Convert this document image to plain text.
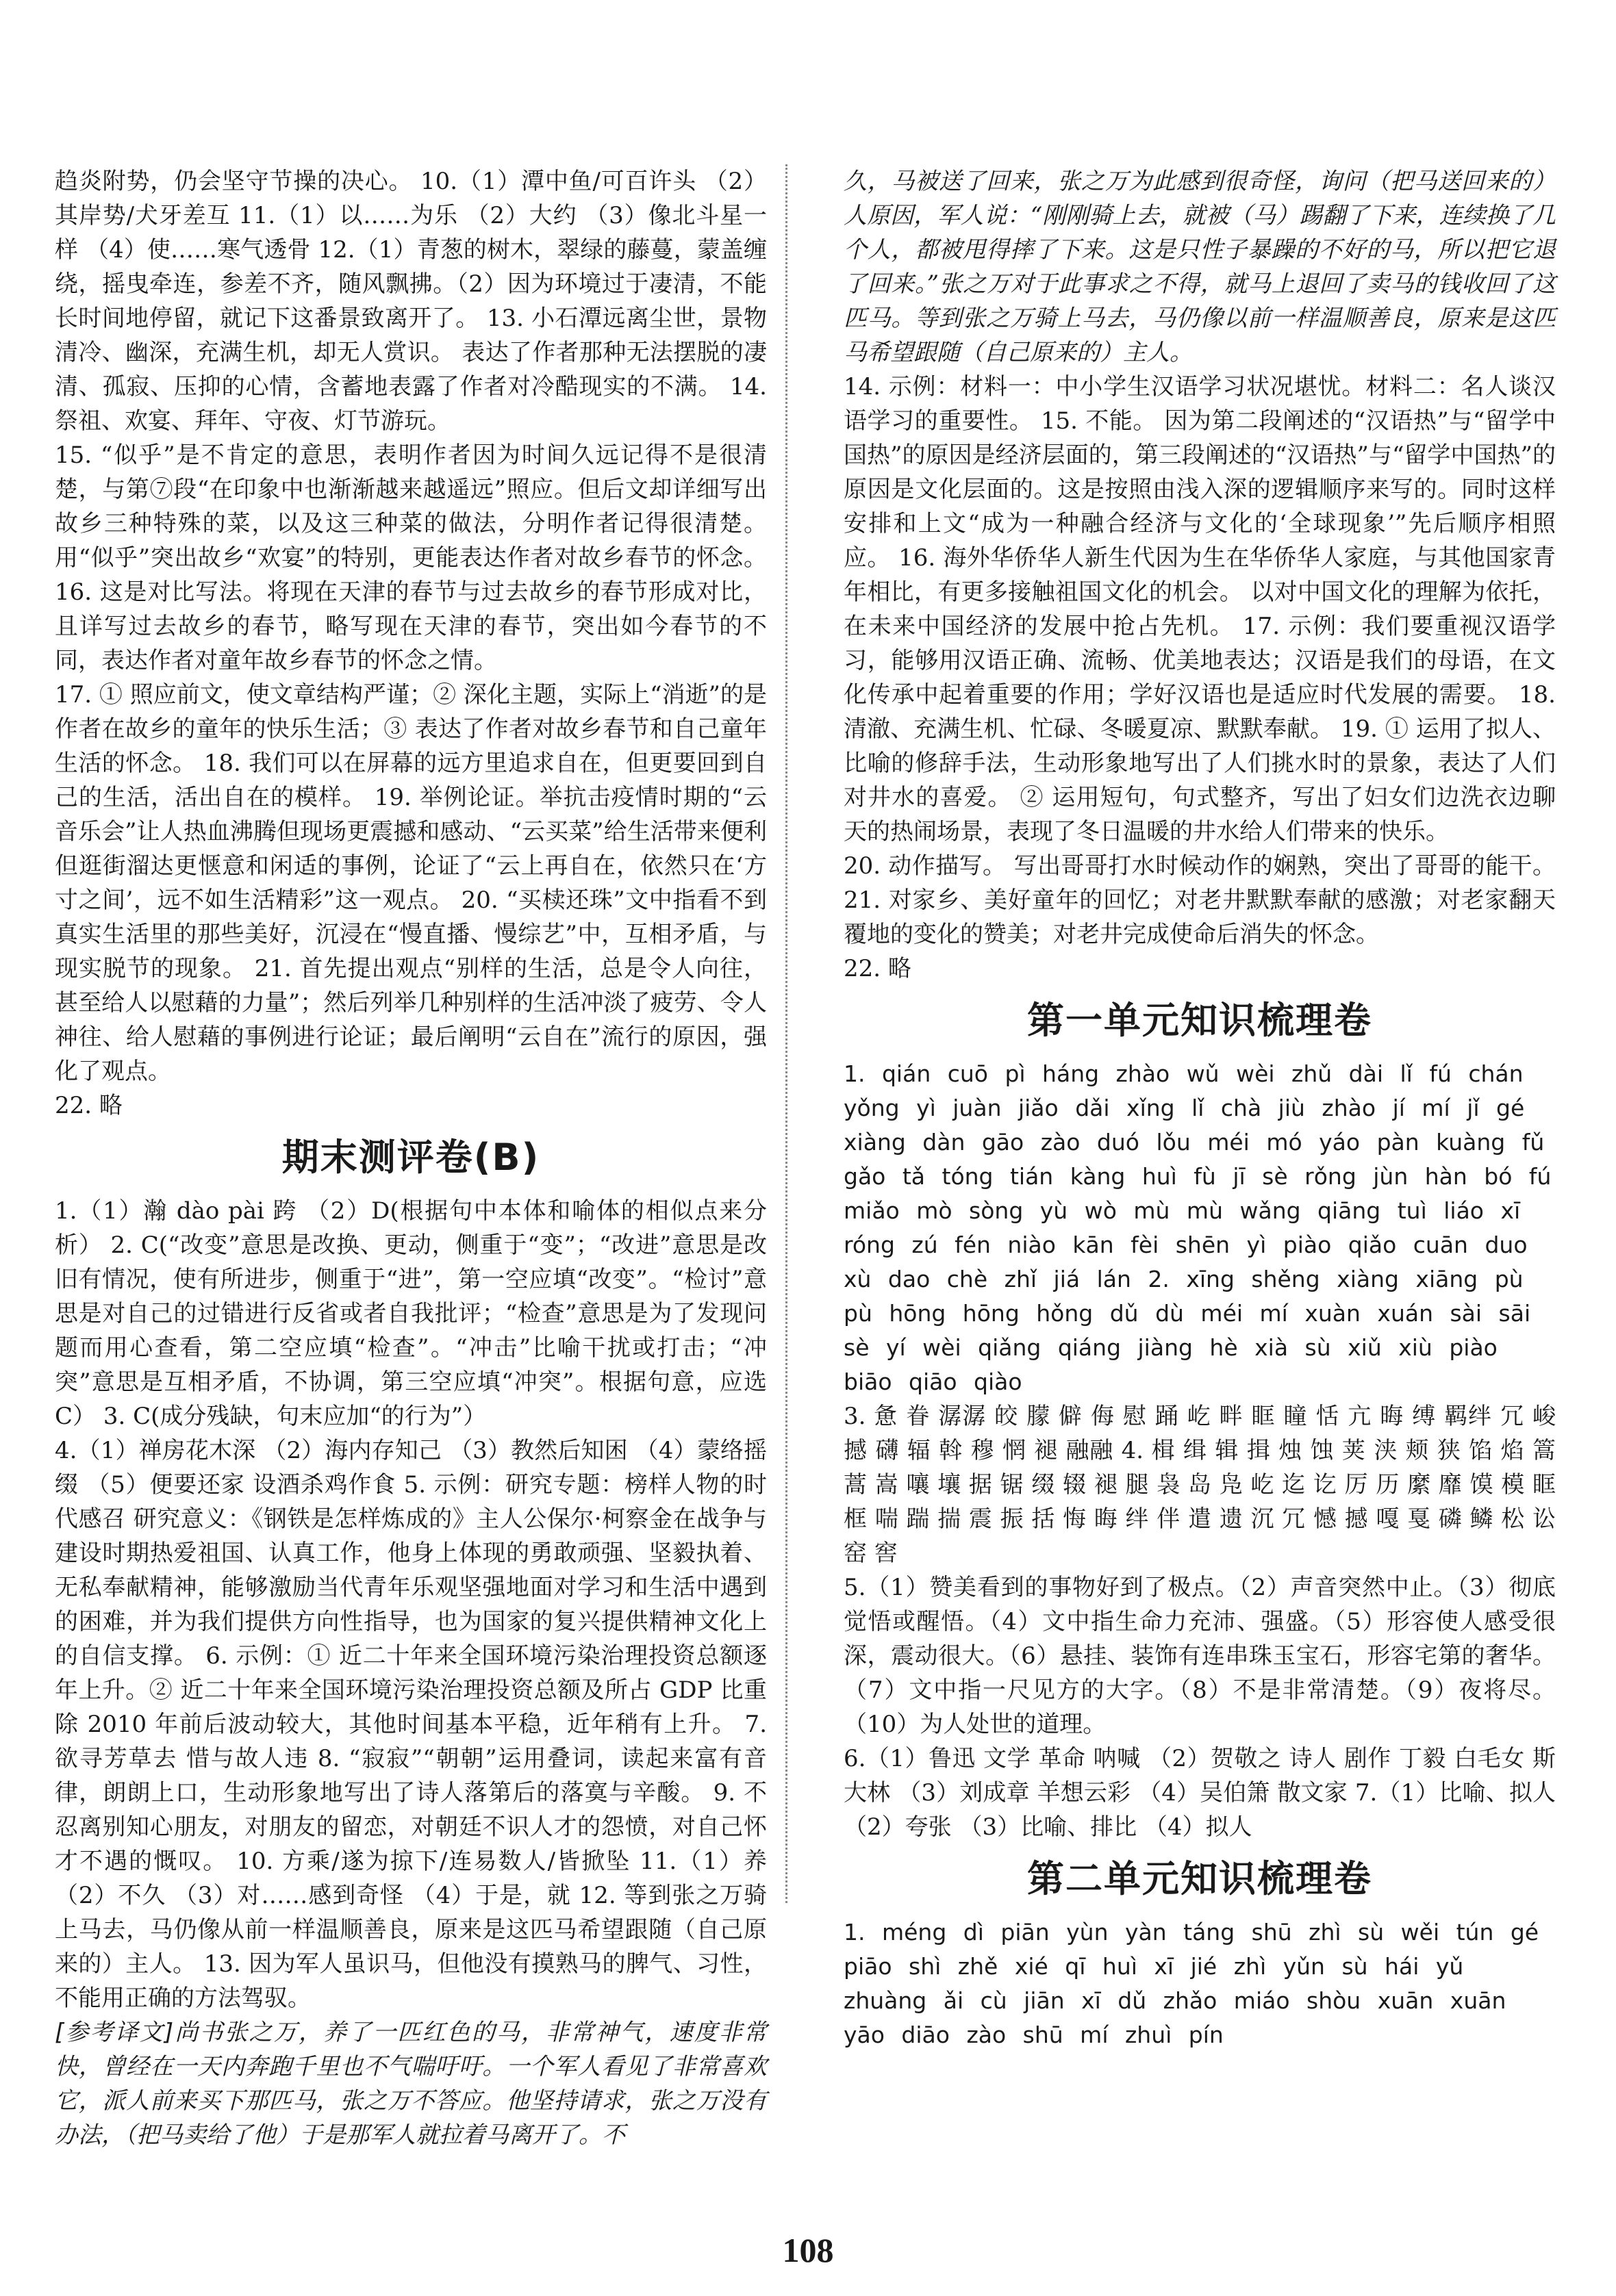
趋炎附势，仍会坚守节操的决心。 10.（1）潭中鱼/可百许头 （2）其岸势/犬牙差互 11.（1）以……为乐 （2）大约 （3）像北斗星一样 （4）使……寒气透骨 12.（1）青葱的树木，翠绿的藤蔓，蒙盖缠绕，摇曳牵连，参差不齐，随风飘拂。（2）因为环境过于凄清，不能长时间地停留，就记下这番景致离开了。 13. 小石潭远离尘世，景物清冷、幽深，充满生机，却无人赏识。 表达了作者那种无法摆脱的凄清、孤寂、压抑的心情，含蓄地表露了作者对冷酷现实的不满。 14. 祭祖、欢宴、拜年、守夜、灯节游玩。

15. “似乎”是不肯定的意思，表明作者因为时间久远记得不是很清楚，与第⑦段“在印象中也渐渐越来越遥远”照应。但后文却详细写出故乡三种特殊的菜，以及这三种菜的做法，分明作者记得很清楚。用“似乎”突出故乡“欢宴”的特别，更能表达作者对故乡春节的怀念。 16. 这是对比写法。将现在天津的春节与过去故乡的春节形成对比，且详写过去故乡的春节，略写现在天津的春节，突出如今春节的不同，表达作者对童年故乡春节的怀念之情。

17. ① 照应前文，使文章结构严谨；② 深化主题，实际上“消逝”的是作者在故乡的童年的快乐生活；③ 表达了作者对故乡春节和自己童年生活的怀念。 18. 我们可以在屏幕的远方里追求自在，但更要回到自己的生活，活出自在的模样。 19. 举例论证。举抗击疫情时期的“云音乐会”让人热血沸腾但现场更震撼和感动、“云买菜”给生活带来便利但逛街溜达更惬意和闲适的事例，论证了“云上再自在，依然只在‘方寸之间’，远不如生活精彩”这一观点。 20. “买椟还珠”文中指看不到真实生活里的那些美好，沉浸在“慢直播、慢综艺”中，互相矛盾，与现实脱节的现象。 21. 首先提出观点“别样的生活，总是令人向往，甚至给人以慰藉的力量”；然后列举几种别样的生活冲淡了疲劳、令人神往、给人慰藉的事例进行论证；最后阐明“云自在”流行的原因，强化了观点。

22. 略

期末测评卷(B)

1.（1）瀚 dào pài 跨 （2）D(根据句中本体和喻体的相似点来分析） 2. C(“改变”意思是改换、更动，侧重于“变”；“改进”意思是改旧有情况，使有所进步，侧重于“进”，第一空应填“改变”。“检讨”意思是对自己的过错进行反省或者自我批评；“检查”意思是为了发现问题而用心查看，第二空应填“检查”。“冲击”比喻干扰或打击；“冲突”意思是互相矛盾，不协调，第三空应填“冲突”。根据句意，应选 C） 3. C(成分残缺，句末应加“的行为”）

4.（1）禅房花木深 （2）海内存知己 （3）教然后知困 （4）蒙络摇缀 （5）便要还家 设酒杀鸡作食 5. 示例：研究专题：榜样人物的时代感召 研究意义：《钢铁是怎样炼成的》主人公保尔·柯察金在战争与建设时期热爱祖国、认真工作，他身上体现的勇敢顽强、坚毅执着、无私奉献精神，能够激励当代青年乐观坚强地面对学习和生活中遇到的困难，并为我们提供方向性指导，也为国家的复兴提供精神文化上的自信支撑。 6. 示例：① 近二十年来全国环境污染治理投资总额逐年上升。② 近二十年来全国环境污染治理投资总额及所占 GDP 比重除 2010 年前后波动较大，其他时间基本平稳，近年稍有上升。 7. 欲寻芳草去 惜与故人违 8. “寂寂”“朝朝”运用叠词，读起来富有音律，朗朗上口，生动形象地写出了诗人落第后的落寞与辛酸。 9. 不忍离别知心朋友，对朋友的留恋，对朝廷不识人才的怨愤，对自己怀才不遇的慨叹。 10. 方乘/遂为掠下/连易数人/皆掀坠 11.（1）养 （2）不久 （3）对……感到奇怪 （4）于是，就 12. 等到张之万骑上马去，马仍像从前一样温顺善良，原来是这匹马希望跟随（自己原来的）主人。 13. 因为军人虽识马，但他没有摸熟马的脾气、习性，不能用正确的方法驾驭。

[参考译文]尚书张之万，养了一匹红色的马，非常神气，速度非常快，曾经在一天内奔跑千里也不气喘吁吁。一个军人看见了非常喜欢它，派人前来买下那匹马，张之万不答应。他坚持请求，张之万没有办法，（把马卖给了他）于是那军人就拉着马离开了。不

久，马被送了回来，张之万为此感到很奇怪，询问（把马送回来的）人原因，军人说：“刚刚骑上去，就被（马）踢翻了下来，连续换了几个人，都被甩得摔了下来。这是只性子暴躁的不好的马，所以把它退了回来。”张之万对于此事求之不得，就马上退回了卖马的钱收回了这匹马。等到张之万骑上马去，马仍像以前一样温顺善良，原来是这匹马希望跟随（自己原来的）主人。

14. 示例：材料一：中小学生汉语学习状况堪忧。材料二：名人谈汉语学习的重要性。 15. 不能。 因为第二段阐述的“汉语热”与“留学中国热”的原因是经济层面的，第三段阐述的“汉语热”与“留学中国热”的原因是文化层面的。这是按照由浅入深的逻辑顺序来写的。同时这样安排和上文“成为一种融合经济与文化的‘全球现象’”先后顺序相照应。 16. 海外华侨华人新生代因为生在华侨华人家庭，与其他国家青年相比，有更多接触祖国文化的机会。 以对中国文化的理解为依托，在未来中国经济的发展中抢占先机。 17. 示例：我们要重视汉语学习，能够用汉语正确、流畅、优美地表达；汉语是我们的母语，在文化传承中起着重要的作用；学好汉语也是适应时代发展的需要。 18. 清澈、充满生机、忙碌、冬暖夏凉、默默奉献。 19. ① 运用了拟人、比喻的修辞手法，生动形象地写出了人们挑水时的景象，表达了人们对井水的喜爱。 ② 运用短句，句式整齐，写出了妇女们边洗衣边聊天的热闹场景，表现了冬日温暖的井水给人们带来的快乐。

20. 动作描写。 写出哥哥打水时候动作的娴熟，突出了哥哥的能干。 21. 对家乡、美好童年的回忆；对老井默默奉献的感激；对老家翻天覆地的变化的赞美；对老井完成使命后消失的怀念。

22. 略

第一单元知识梳理卷

1. qián cuō pì háng zhào wǔ wèi zhǔ dài lǐ fú chán yǒng yì juàn jiǎo dǎi xǐng lǐ chà jiù zhào jí mí jǐ gé xiàng dàn gāo zào duó lǒu méi mó yáo pàn kuàng fǔ gǎo tǎ tóng tián kàng huì fù jī sè rǒng jùn hàn bó fú miǎo mò sòng yù wò mù mù wǎng qiāng tuì liáo xī róng zú fén niào kān fèi shēn yì piào qiǎo cuān duo xù dao chè zhǐ jiá lán 2. xīng shěng xiàng xiāng pù pù hōng hōng hǒng dǔ dù méi mí xuàn xuán sài sāi sè yí wèi qiǎng qiáng jiàng hè xià sù xiǔ xiù piào biāo qiāo qiào

3. 惫 眷 潺潺 皎 朦 僻 侮 慰 踊 屹 畔 眶 瞳 恬 亢 晦 缚 羁绊 冗 峻 撼 礴 辐 斡 穆 惘 褪 融融 4. 楫 缉 辑 揖 烛 蚀 荚 浃 颊 狭 馅 焰 篙 蒿 嵩 嚷 壤 据 锯 缀 辍 褪 腿 袅 岛 凫 屹 迄 讫 厉 历 縻 靡 馍 模 眶 框 喘 踹 揣 震 振 括 悔 晦 绊 伴 遣 遗 沉 冗 憾 撼 嘎 戛 磷 鳞 松 讼 窑 窖

5.（1）赞美看到的事物好到了极点。（2）声音突然中止。（3）彻底觉悟或醒悟。（4）文中指生命力充沛、强盛。（5）形容使人感受很深，震动很大。（6）悬挂、装饰有连串珠玉宝石，形容宅第的奢华。（7）文中指一尺见方的大字。（8）不是非常清楚。（9）夜将尽。（10）为人处世的道理。

6.（1）鲁迅 文学 革命 呐喊 （2）贺敬之 诗人 剧作 丁毅 白毛女 斯大林 （3）刘成章 羊想云彩 （4）吴伯箫 散文家 7.（1）比喻、拟人 （2）夸张 （3）比喻、排比 （4）拟人

第二单元知识梳理卷

1. méng dì piān yùn yàn táng shū zhì sù wěi tún gé piāo shì zhě xié qī huì xī jié zhì yǔn sù hái yǔ zhuàng ǎi cù jiān xī dǔ zhǎo miáo shòu xuān xuān yāo diāo zào shū mí zhuì pín

108
